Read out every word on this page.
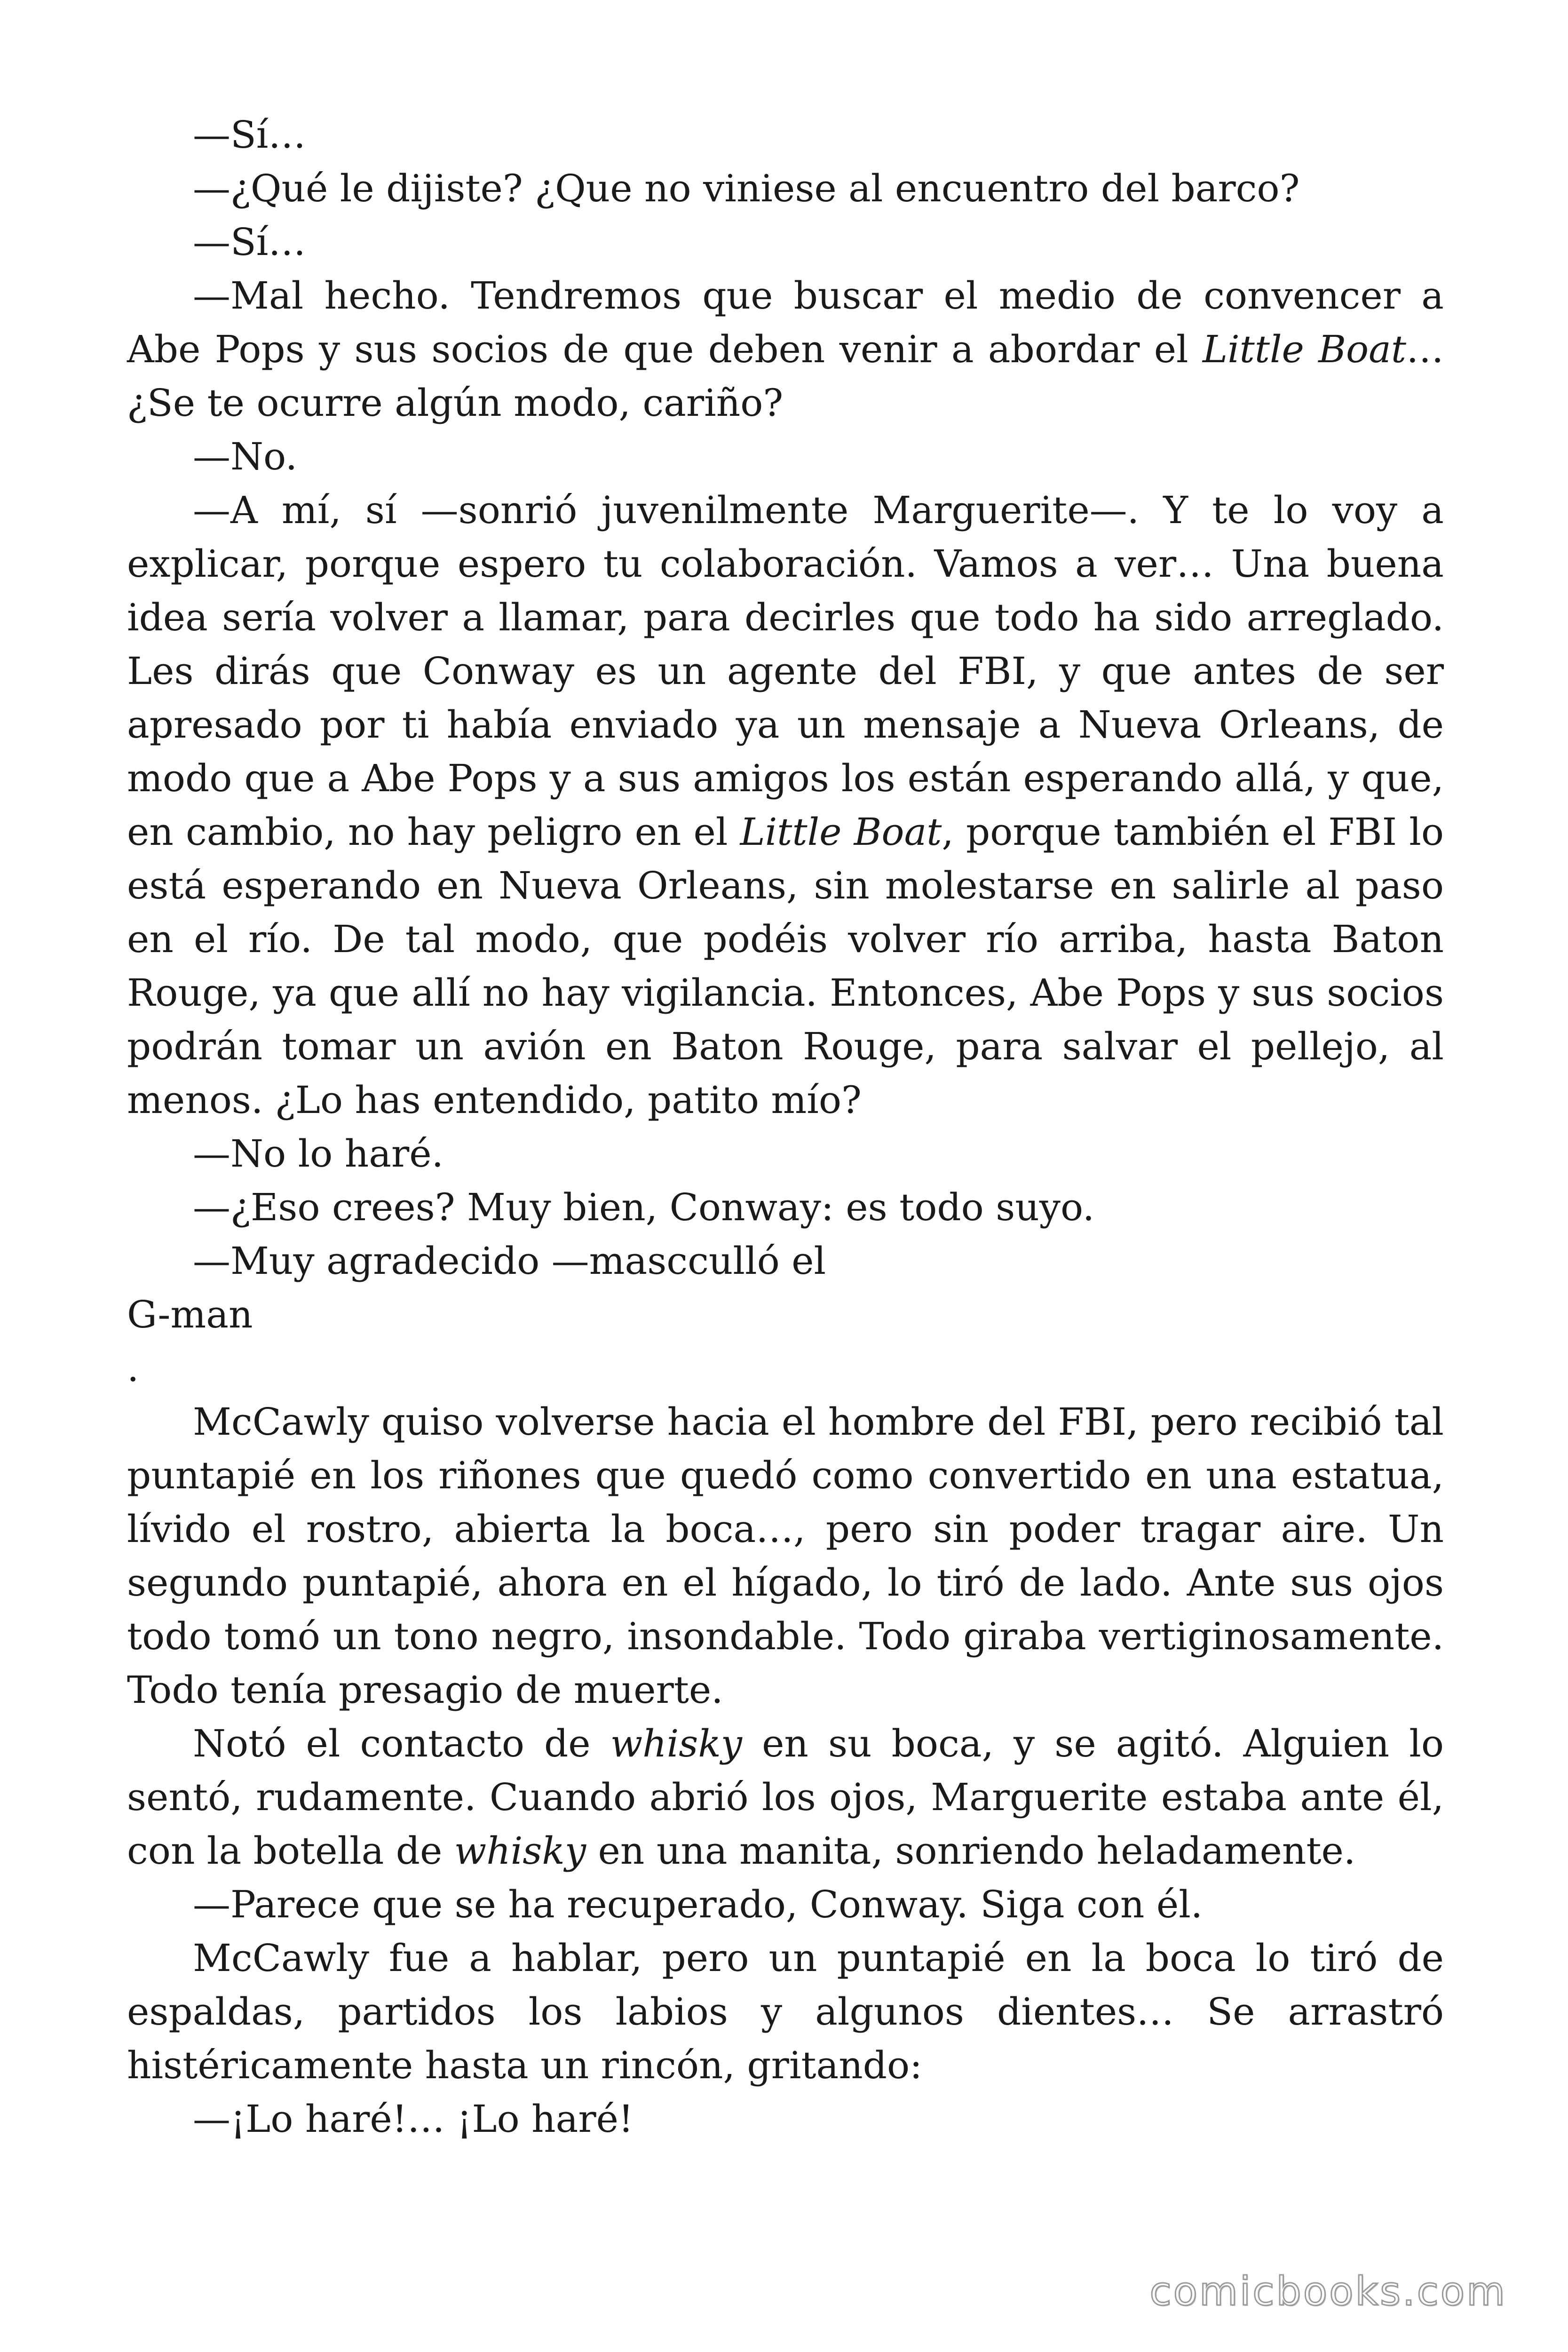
—Sí…

—¿Qué le dijiste? ¿Que no viniese al encuentro del barco?

—Sí…

—Mal hecho. Tendremos que buscar el medio de convencer a Abe Pops y sus socios de que deben venir a abordar el Little Boat… ¿Se te ocurre algún modo, cariño?

—No.

—A mí, sí —sonrió juvenilmente Marguerite—. Y te lo voy a explicar, porque espero tu colaboración. Vamos a ver… Una buena idea sería volver a llamar, para decirles que todo ha sido arreglado. Les dirás que Conway es un agente del FBI, y que antes de ser apresado por ti había enviado ya un mensaje a Nueva Orleans, de modo que a Abe Pops y a sus amigos los están esperando allá, y que, en cambio, no hay peligro en el Little Boat, porque también el FBI lo está esperando en Nueva Orleans, sin molestarse en salirle al paso en el río. De tal modo, que podéis volver río arriba, hasta Baton Rouge, ya que allí no hay vigilancia. Entonces, Abe Pops y sus socios podrán tomar un avión en Baton Rouge, para salvar el pellejo, al menos. ¿Lo has entendido, patito mío?

—No lo haré.

—¿Eso crees? Muy bien, Conway: es todo suyo.

—Muy agradecido —mascculló el

G-man

.

McCawly quiso volverse hacia el hombre del FBI, pero recibió tal puntapié en los riñones que quedó como convertido en una estatua, lívido el rostro, abierta la boca…, pero sin poder tragar aire. Un segundo puntapié, ahora en el hígado, lo tiró de lado. Ante sus ojos todo tomó un tono negro, insondable. Todo giraba vertiginosamente. Todo tenía presagio de muerte.

Notó el contacto de whisky en su boca, y se agitó. Alguien lo sentó, rudamente. Cuando abrió los ojos, Marguerite estaba ante él, con la botella de whisky en una manita, sonriendo heladamente.

—Parece que se ha recuperado, Conway. Siga con él.

McCawly fue a hablar, pero un puntapié en la boca lo tiró de espaldas, partidos los labios y algunos dientes… Se arrastró histéricamente hasta un rincón, gritando:

—¡Lo haré!… ¡Lo haré!

comicbooks.com
